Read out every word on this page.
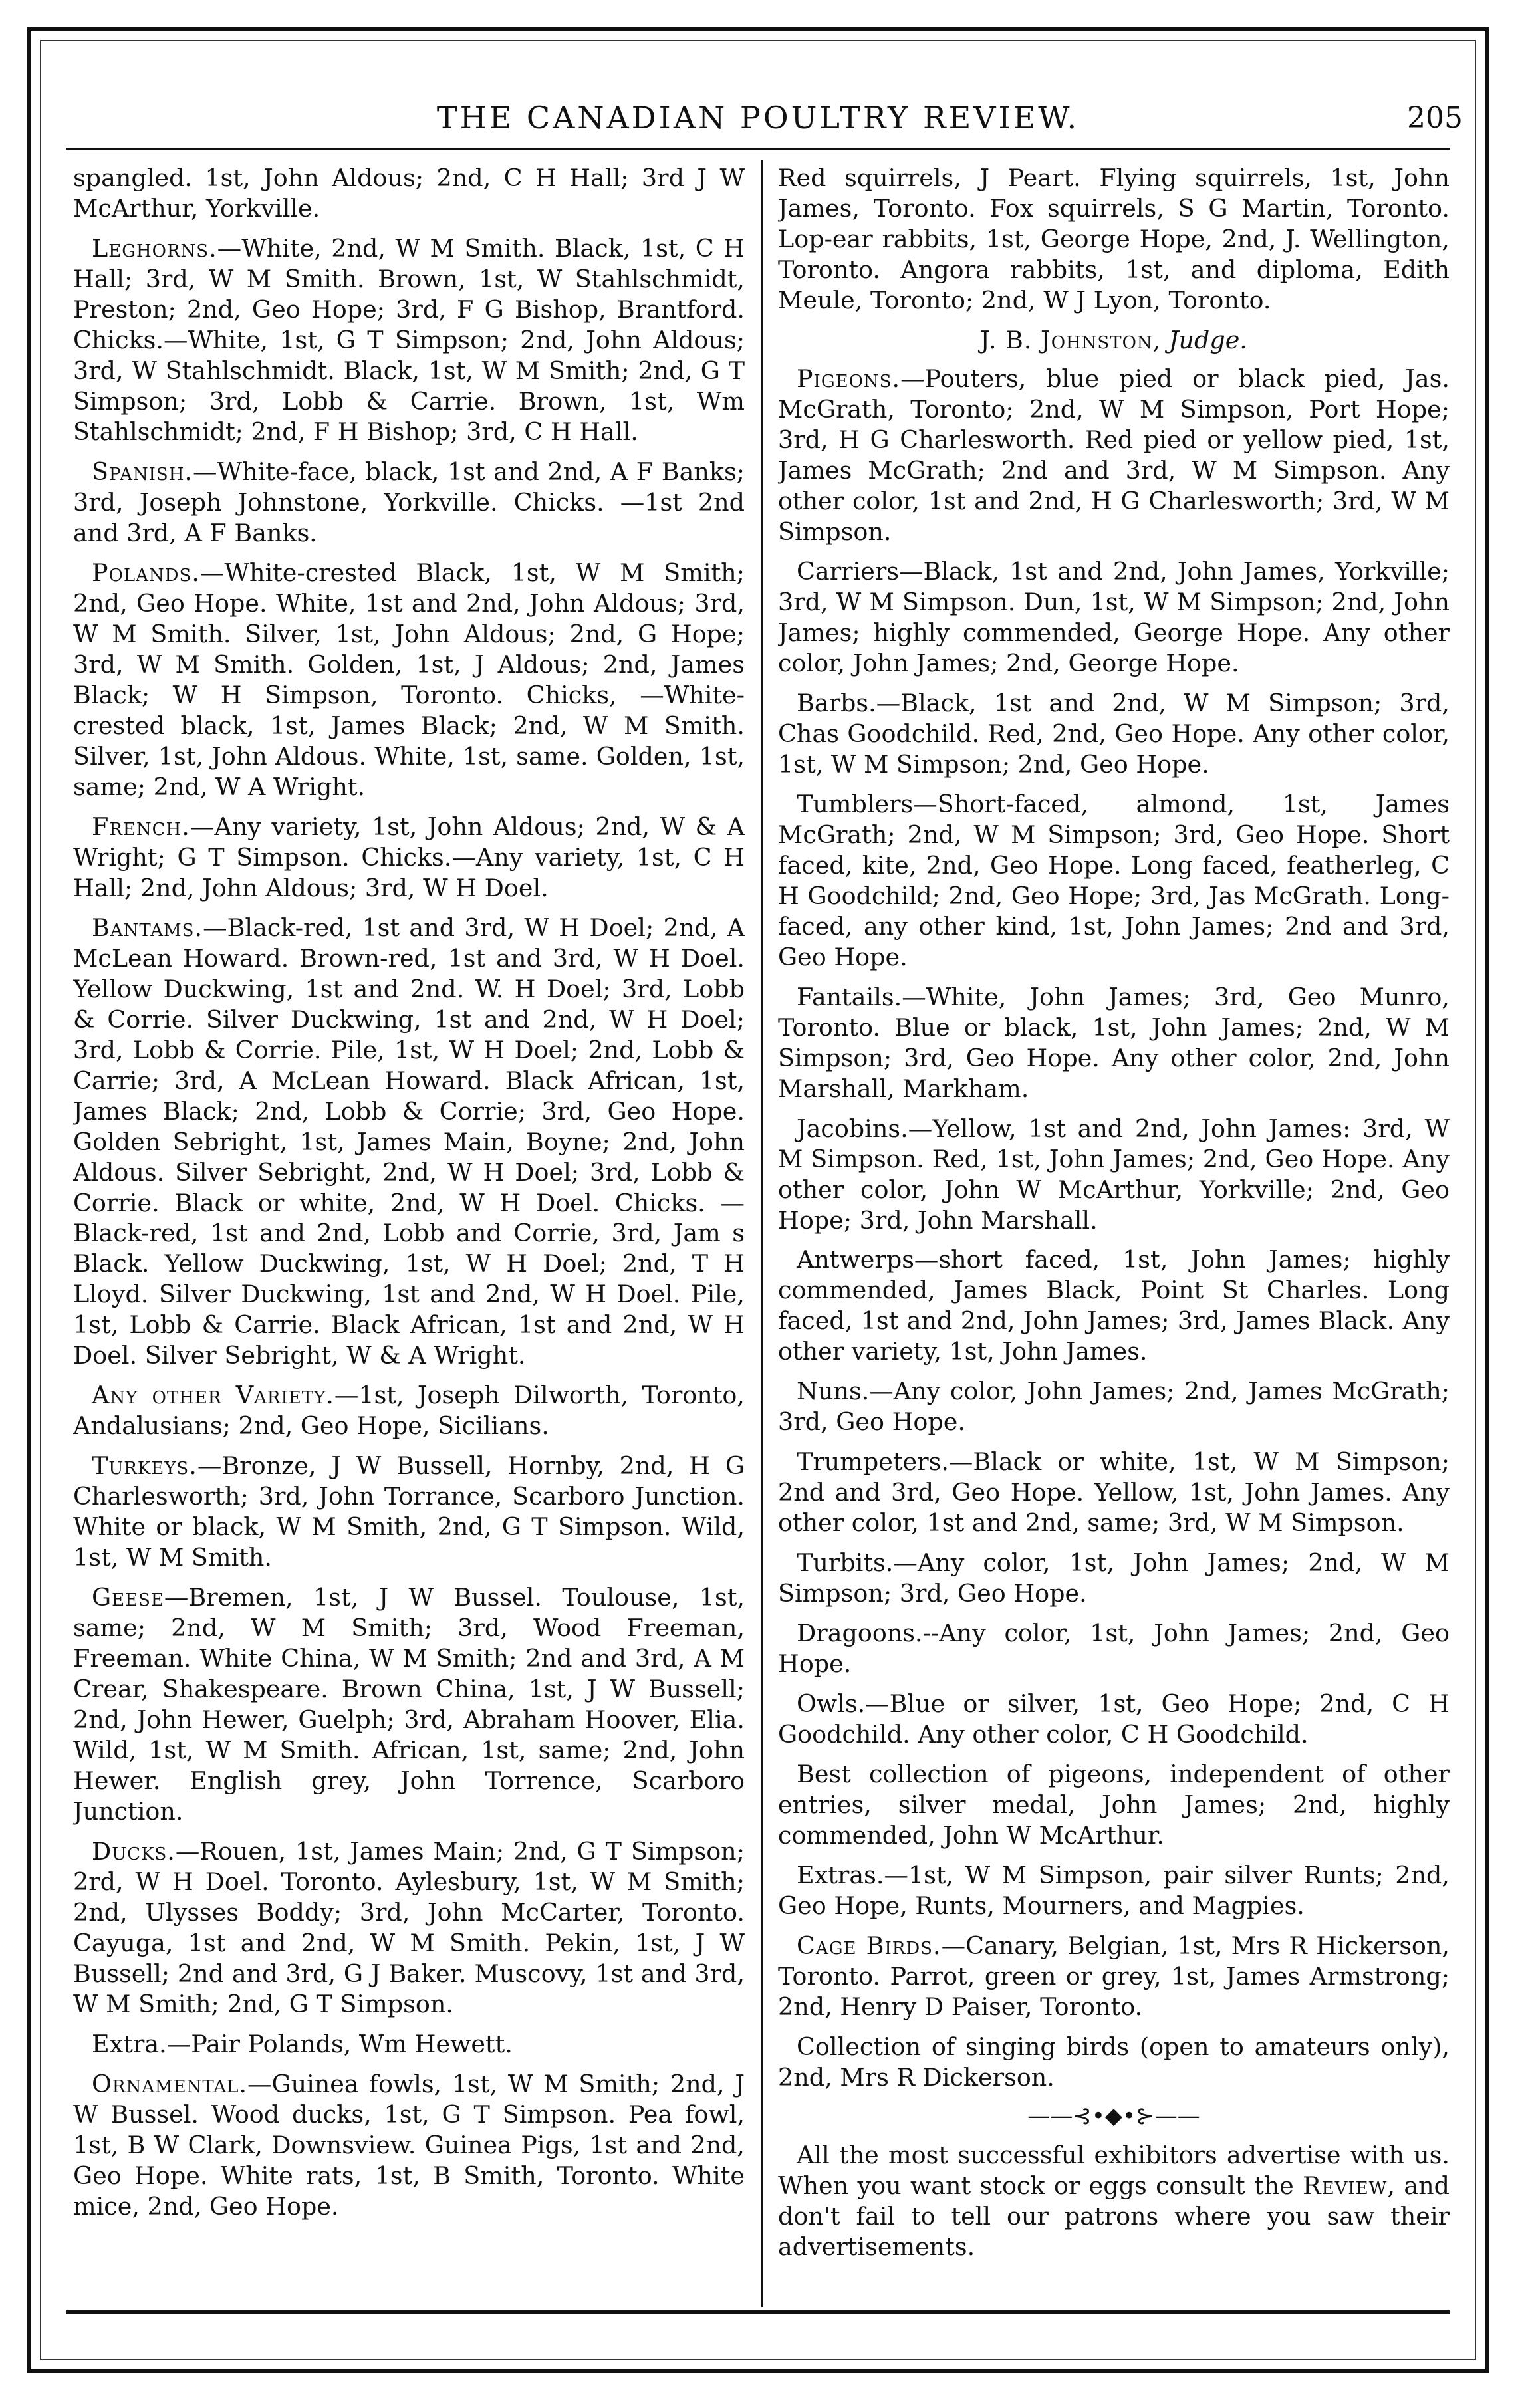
THE CANADIAN POULTRY REVIEW.	205

spangled. 1st, John Aldous; 2nd, C H Hall; 3rd J W McArthur, Yorkville.

Leghorns.—White, 2nd, W M Smith. Black, 1st, C H Hall; 3rd, W M Smith. Brown, 1st, W Stahlschmidt, Preston; 2nd, Geo Hope; 3rd, F G Bishop, Brantford. Chicks.—White, 1st, G T Simpson; 2nd, John Aldous; 3rd, W Stahlschmidt. Black, 1st, W M Smith; 2nd, G T Simpson; 3rd, Lobb & Carrie. Brown, 1st, Wm Stahlschmidt; 2nd, F H Bishop; 3rd, C H Hall.

Spanish.—White-face, black, 1st and 2nd, A F Banks; 3rd, Joseph Johnstone, Yorkville. Chicks. —1st 2nd and 3rd, A F Banks.

Polands.—White-crested Black, 1st, W M Smith; 2nd, Geo Hope. White, 1st and 2nd, John Aldous; 3rd, W M Smith. Silver, 1st, John Aldous; 2nd, G Hope; 3rd, W M Smith. Golden, 1st, J Aldous; 2nd, James Black; W H Simpson, Toronto. Chicks, —White-crested black, 1st, James Black; 2nd, W M Smith. Silver, 1st, John Aldous. White, 1st, same. Golden, 1st, same; 2nd, W A Wright.

French.—Any variety, 1st, John Aldous; 2nd, W & A Wright; G T Simpson. Chicks.—Any variety, 1st, C H Hall; 2nd, John Aldous; 3rd, W H Doel.

Bantams.—Black-red, 1st and 3rd, W H Doel; 2nd, A McLean Howard. Brown-red, 1st and 3rd, W H Doel. Yellow Duckwing, 1st and 2nd. W. H Doel; 3rd, Lobb & Corrie. Silver Duckwing, 1st and 2nd, W H Doel; 3rd, Lobb & Corrie. Pile, 1st, W H Doel; 2nd, Lobb & Carrie; 3rd, A McLean Howard. Black African, 1st, James Black; 2nd, Lobb & Corrie; 3rd, Geo Hope. Golden Sebright, 1st, James Main, Boyne; 2nd, John Aldous. Silver Sebright, 2nd, W H Doel; 3rd, Lobb & Corrie. Black or white, 2nd, W H Doel. Chicks. —Black-red, 1st and 2nd, Lobb and Corrie, 3rd, Jam s Black. Yellow Duckwing, 1st, W H Doel; 2nd, T H Lloyd. Silver Duckwing, 1st and 2nd, W H Doel. Pile, 1st, Lobb & Carrie. Black African, 1st and 2nd, W H Doel. Silver Sebright, W & A Wright.

Any other Variety.—1st, Joseph Dilworth, Toronto, Andalusians; 2nd, Geo Hope, Sicilians.

Turkeys.—Bronze, J W Bussell, Hornby, 2nd, H G Charlesworth; 3rd, John Torrance, Scarboro Junction. White or black, W M Smith, 2nd, G T Simpson. Wild, 1st, W M Smith.

Geese—Bremen, 1st, J W Bussel. Toulouse, 1st, same; 2nd, W M Smith; 3rd, Wood Freeman, Freeman. White China, W M Smith; 2nd and 3rd, A M Crear, Shakespeare. Brown China, 1st, J W Bussell; 2nd, John Hewer, Guelph; 3rd, Abraham Hoover, Elia. Wild, 1st, W M Smith. African, 1st, same; 2nd, John Hewer. English grey, John Torrence, Scarboro Junction.

Ducks.—Rouen, 1st, James Main; 2nd, G T Simpson; 2rd, W H Doel. Toronto. Aylesbury, 1st, W M Smith; 2nd, Ulysses Boddy; 3rd, John McCarter, Toronto. Cayuga, 1st and 2nd, W M Smith. Pekin, 1st, J W Bussell; 2nd and 3rd, G J Baker. Muscovy, 1st and 3rd, W M Smith; 2nd, G T Simpson.

Extra.—Pair Polands, Wm Hewett.

Ornamental.—Guinea fowls, 1st, W M Smith; 2nd, J W Bussel. Wood ducks, 1st, G T Simpson. Pea fowl, 1st, B W Clark, Downsview. Guinea Pigs, 1st and 2nd, Geo Hope. White rats, 1st, B Smith, Toronto. White mice, 2nd, Geo Hope.

Red squirrels, J Peart. Flying squirrels, 1st, John James, Toronto. Fox squirrels, S G Martin, Toronto. Lop-ear rabbits, 1st, George Hope, 2nd, J. Wellington, Toronto. Angora rabbits, 1st, and diploma, Edith Meule, Toronto; 2nd, W J Lyon, Toronto.

J. B. Johnston, Judge.

Pigeons.—Pouters, blue pied or black pied, Jas. McGrath, Toronto; 2nd, W M Simpson, Port Hope; 3rd, H G Charlesworth. Red pied or yellow pied, 1st, James McGrath; 2nd and 3rd, W M Simpson. Any other color, 1st and 2nd, H G Charlesworth; 3rd, W M Simpson.

Carriers—Black, 1st and 2nd, John James, Yorkville; 3rd, W M Simpson. Dun, 1st, W M Simpson; 2nd, John James; highly commended, George Hope. Any other color, John James; 2nd, George Hope.

Barbs.—Black, 1st and 2nd, W M Simpson; 3rd, Chas Goodchild. Red, 2nd, Geo Hope. Any other color, 1st, W M Simpson; 2nd, Geo Hope.

Tumblers—Short-faced, almond, 1st, James McGrath; 2nd, W M Simpson; 3rd, Geo Hope. Short faced, kite, 2nd, Geo Hope. Long faced, featherleg, C H Goodchild; 2nd, Geo Hope; 3rd, Jas McGrath. Long-faced, any other kind, 1st, John James; 2nd and 3rd, Geo Hope.

Fantails.—White, John James; 3rd, Geo Munro, Toronto. Blue or black, 1st, John James; 2nd, W M Simpson; 3rd, Geo Hope. Any other color, 2nd, John Marshall, Markham.

Jacobins.—Yellow, 1st and 2nd, John James: 3rd, W M Simpson. Red, 1st, John James; 2nd, Geo Hope. Any other color, John W McArthur, Yorkville; 2nd, Geo Hope; 3rd, John Marshall.

Antwerps—short faced, 1st, John James; highly commended, James Black, Point St Charles. Long faced, 1st and 2nd, John James; 3rd, James Black. Any other variety, 1st, John James.

Nuns.—Any color, John James; 2nd, James McGrath; 3rd, Geo Hope.

Trumpeters.—Black or white, 1st, W M Simpson; 2nd and 3rd, Geo Hope. Yellow, 1st, John James. Any other color, 1st and 2nd, same; 3rd, W M Simpson.

Turbits.—Any color, 1st, John James; 2nd, W M Simpson; 3rd, Geo Hope.

Dragoons.--Any color, 1st, John James; 2nd, Geo Hope.

Owls.—Blue or silver, 1st, Geo Hope; 2nd, C H Goodchild. Any other color, C H Goodchild.

Best collection of pigeons, independent of other entries, silver medal, John James; 2nd, highly commended, John W McArthur.

Extras.—1st, W M Simpson, pair silver Runts; 2nd, Geo Hope, Runts, Mourners, and Magpies.

Cage Birds.—Canary, Belgian, 1st, Mrs R Hickerson, Toronto. Parrot, green or grey, 1st, James Armstrong; 2nd, Henry D Paiser, Toronto.

Collection of singing birds (open to amateurs only), 2nd, Mrs R Dickerson.

——⊰•◆•⊱——

All the most successful exhibitors advertise with us. When you want stock or eggs consult the Review, and don't fail to tell our patrons where you saw their advertisements.
